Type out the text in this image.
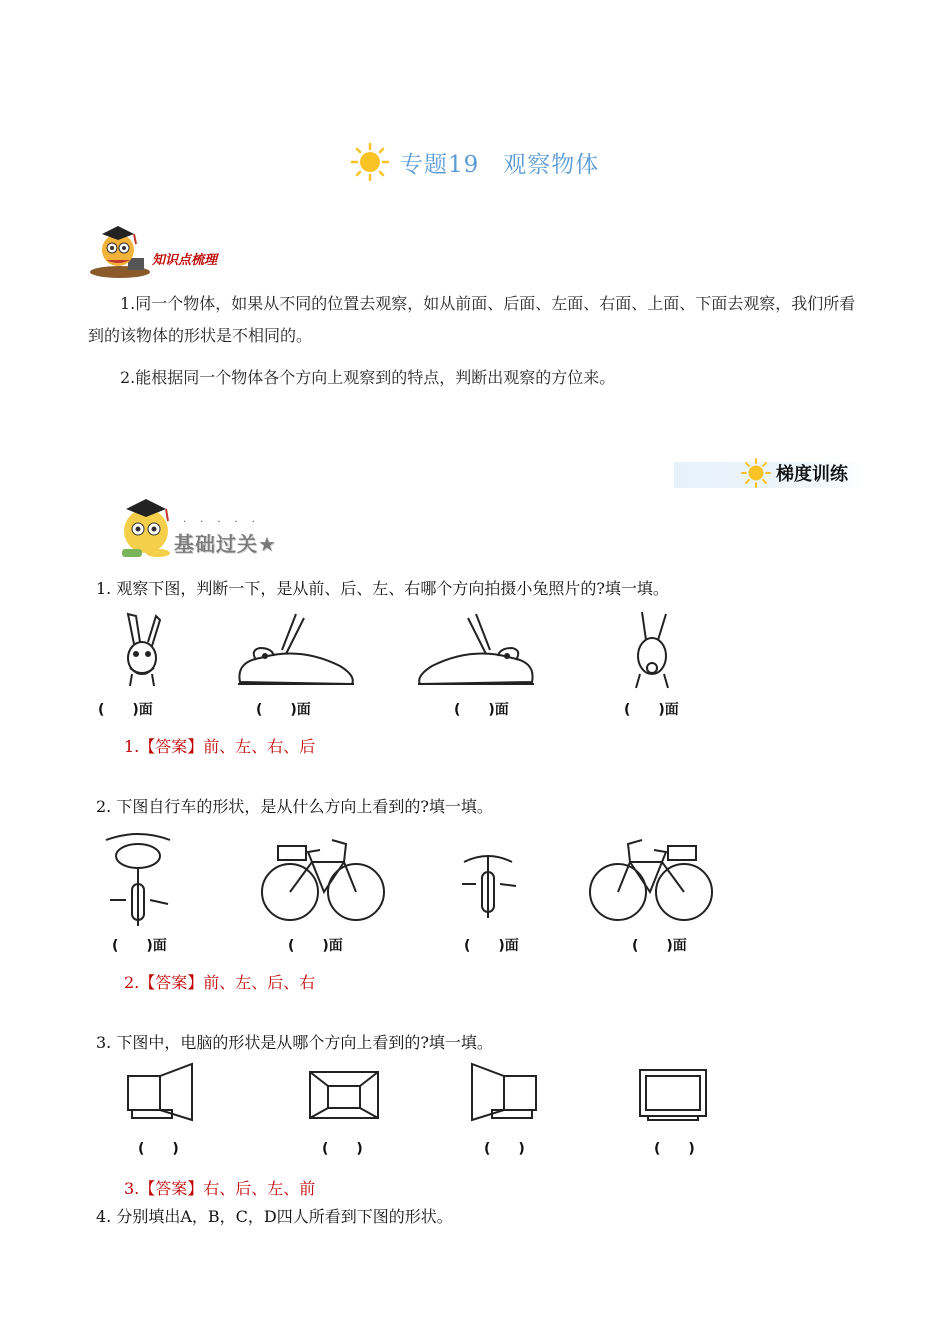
专题19　观察物体
知识点梳理
1.同一个物体，如果从不同的位置去观察，如从前面、后面、左面、右面、上面、下面去观察，我们所看到的该物体的形状是不相同的。
2.能根据同一个物体各个方向上观察到的特点，判断出观察的方位来。
梯度训练
基础过关★
·····
1. 观察下图，判断一下，是从前、后、左、右哪个方向拍摄小兔照片的?填一填。
(　　)面	(　　)面	(　　)面	(　　)面
1.【答案】前、左、右、后
2. 下图自行车的形状，是从什么方向上看到的?填一填。
(　　)面	(　　)面	(　　)面	(　　)面
2.【答案】前、左、后、右
3. 下图中，电脑的形状是从哪个方向上看到的?填一填。
(　　)	(　　)	(　　)	(　　)
3.【答案】右、后、左、前
4. 分别填出A，B，C，D四人所看到下图的形状。
